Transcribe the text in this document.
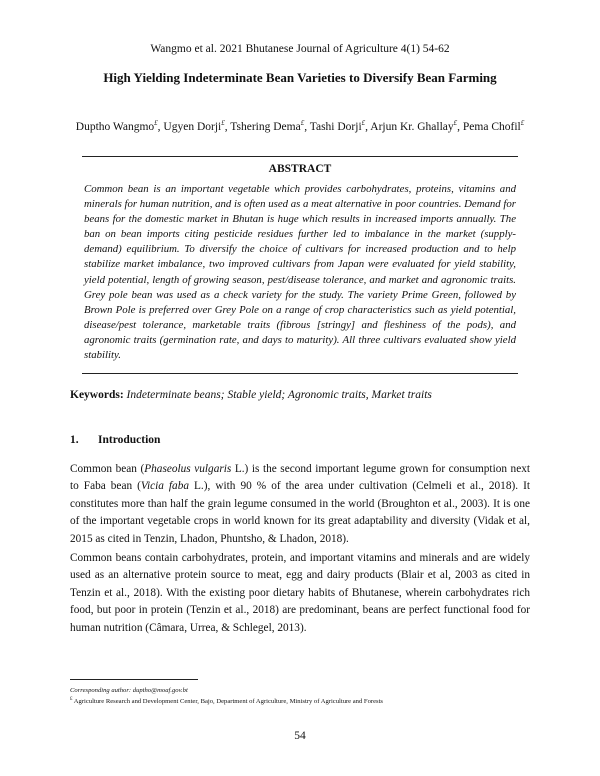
Wangmo et al. 2021 Bhutanese Journal of Agriculture 4(1) 54-62
High Yielding Indeterminate Bean Varieties to Diversify Bean Farming
Duptho Wangmo£, Ugyen Dorji£, Tshering Dema£, Tashi Dorji£, Arjun Kr. Ghallay£, Pema Chofil£
ABSTRACT

Common bean is an important vegetable which provides carbohydrates, proteins, vitamins and minerals for human nutrition, and is often used as a meat alternative in poor countries. Demand for beans for the domestic market in Bhutan is huge which results in increased imports annually. The ban on bean imports citing pesticide residues further led to imbalance in the market (supply-demand) equilibrium. To diversify the choice of cultivars for increased production and to help stabilize market imbalance, two improved cultivars from Japan were evaluated for yield stability, yield potential, length of growing season, pest/disease tolerance, and market and agronomic traits. Grey pole bean was used as a check variety for the study. The variety Prime Green, followed by Brown Pole is preferred over Grey Pole on a range of crop characteristics such as yield potential, disease/pest tolerance, marketable traits (fibrous [stringy] and fleshiness of the pods), and agronomic traits (germination rate, and days to maturity). All three cultivars evaluated show yield stability.

Keywords: Indeterminate beans; Stable yield; Agronomic traits, Market traits
1. Introduction

Common bean (Phaseolus vulgaris L.) is the second important legume grown for consumption next to Faba bean (Vicia faba L.), with 90 % of the area under cultivation (Celmeli et al., 2018). It constitutes more than half the grain legume consumed in the world (Broughton et al., 2003). It is one of the important vegetable crops in world known for its great adaptability and diversity (Vidak et al, 2015 as cited in Tenzin, Lhadon, Phuntsho, & Lhadon, 2018).

Common beans contain carbohydrates, protein, and important vitamins and minerals and are widely used as an alternative protein source to meat, egg and dairy products (Blair et al, 2003 as cited in Tenzin et al., 2018). With the existing poor dietary habits of Bhutanese, wherein carbohydrates rich food, but poor in protein (Tenzin et al., 2018) are predominant, beans are perfect functional food for human nutrition (Câmara, Urrea, & Schlegel, 2013).

Corresponding author: duptho@moaf.gov.bt
£ Agriculture Research and Development Center, Bajo, Department of Agriculture, Ministry of Agriculture and Forests
54
